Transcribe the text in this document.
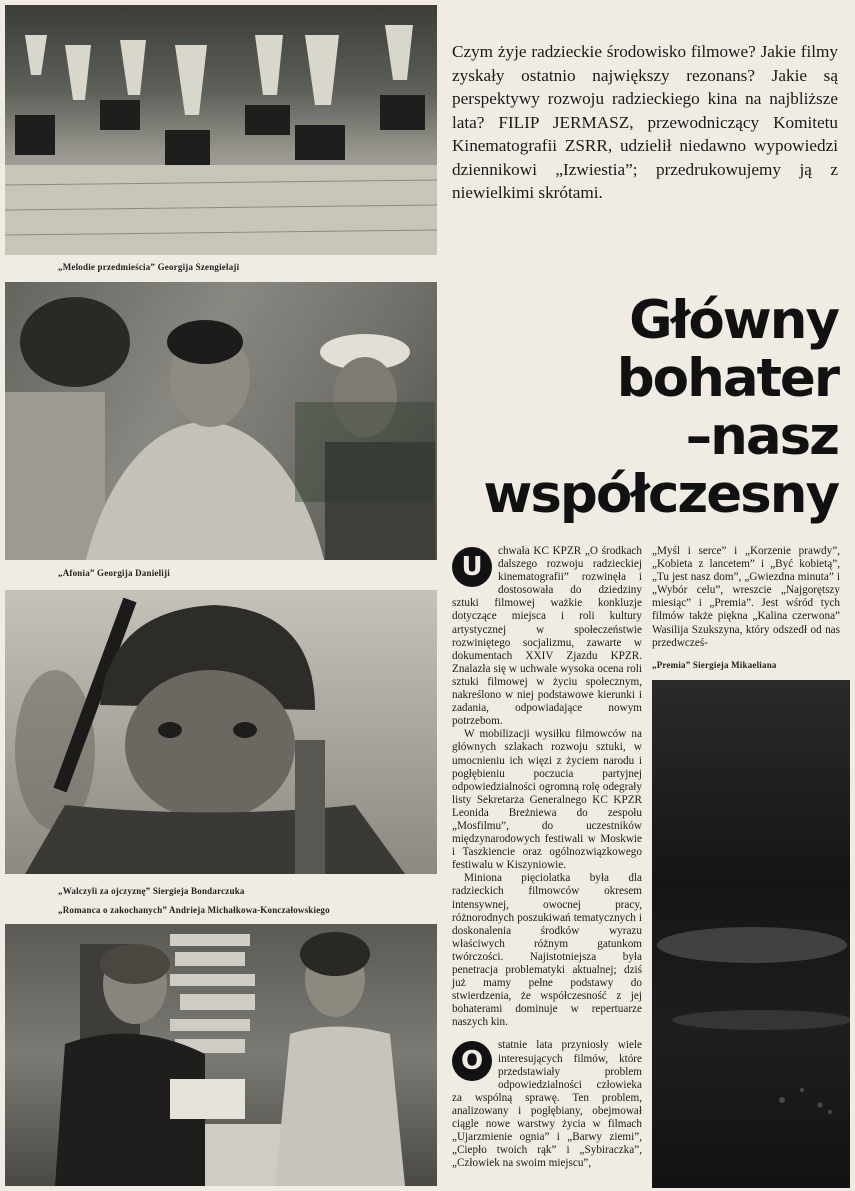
„Melodie przedmieścia” Georgija Szengielaji
„Afonia” Georgija Danieliji
„Walczyli za ojczyznę” Siergieja Bondarczuka
„Romanca o zakochanych” Andrieja Michałkowa-Konczałowskiego

Czym żyje radzieckie środowisko filmowe? Jakie filmy zyskały ostatnio największy rezonans? Jakie są perspektywy rozwoju radzieckiego kina na najbliższe lata? FILIP JERMASZ, przewodniczący Komitetu Kinematografii ZSRR, udzielił niedawno wypowiedzi dziennikowi „Izwiestia”; przedrukowujemy ją z niewielkimi skrótami.

Główny
bohater
–nasz
współczesny

U
chwała KC KPZR „O środkach dalszego rozwoju radzieckiej kinematografii” rozwinęła i dostosowała do dziedziny sztuki filmowej ważkie konkluzje dotyczące miejsca i roli kultury artystycznej w społeczeństwie rozwiniętego socjalizmu, zawarte w dokumentach XXIV Zjazdu KPZR. Znalazła się w uchwale wysoka ocena roli sztuki filmowej w życiu społecznym, nakreślono w niej podstawowe kierunki i zadania, odpowiadające nowym potrzebom.

W mobilizacji wysiłku filmowców na głównych szlakach rozwoju sztuki, w umocnieniu ich więzi z życiem narodu i pogłębieniu poczucia partyjnej odpowiedzialności ogromną rolę odegrały listy Sekretarza Generalnego KC KPZR Leonida Breżniewa do zespołu „Mosfilmu”, do uczestników międzynarodowych festiwali w Moskwie i Taszkiencie oraz ogólnozwiązkowego festiwalu w Kiszyniowie.

Miniona pięciolatka była dla radzieckich filmowców okresem intensywnej, owocnej pracy, różnorodnych poszukiwań tematycznych i doskonalenia środków wyrazu właściwych różnym gatunkom twórczości. Najistotniejsza była penetracja problematyki aktualnej; dziś już mamy pełne podstawy do stwierdzenia, że współczesność z jej bohaterami dominuje w repertuarze naszych kin.

O
statnie lata przyniosły wiele interesujących filmów, które przedstawiały problem odpowiedzialności człowieka za wspólną sprawę. Ten problem, analizowany i pogłębiany, obejmował ciągle nowe warstwy życia w filmach „Ujarzmienie ognia” i „Barwy ziemi”, „Ciepło twoich rąk” i „Sybiraczka”, „Człowiek na swoim miejscu”,

„Myśl i serce” i „Korzenie prawdy”, „Kobieta z lancetem” i „Być kobietą”, „Tu jest nasz dom”, „Gwiezdna minuta” i „Wybór celu”, wreszcie „Najgorętszy miesiąc” i „Premia”. Jest wśród tych filmów także piękna „Kalina czerwona” Wasilija Szukszyna, który odszedł od nas przedwcześ-

„Premia” Siergieja Mikaeliana
